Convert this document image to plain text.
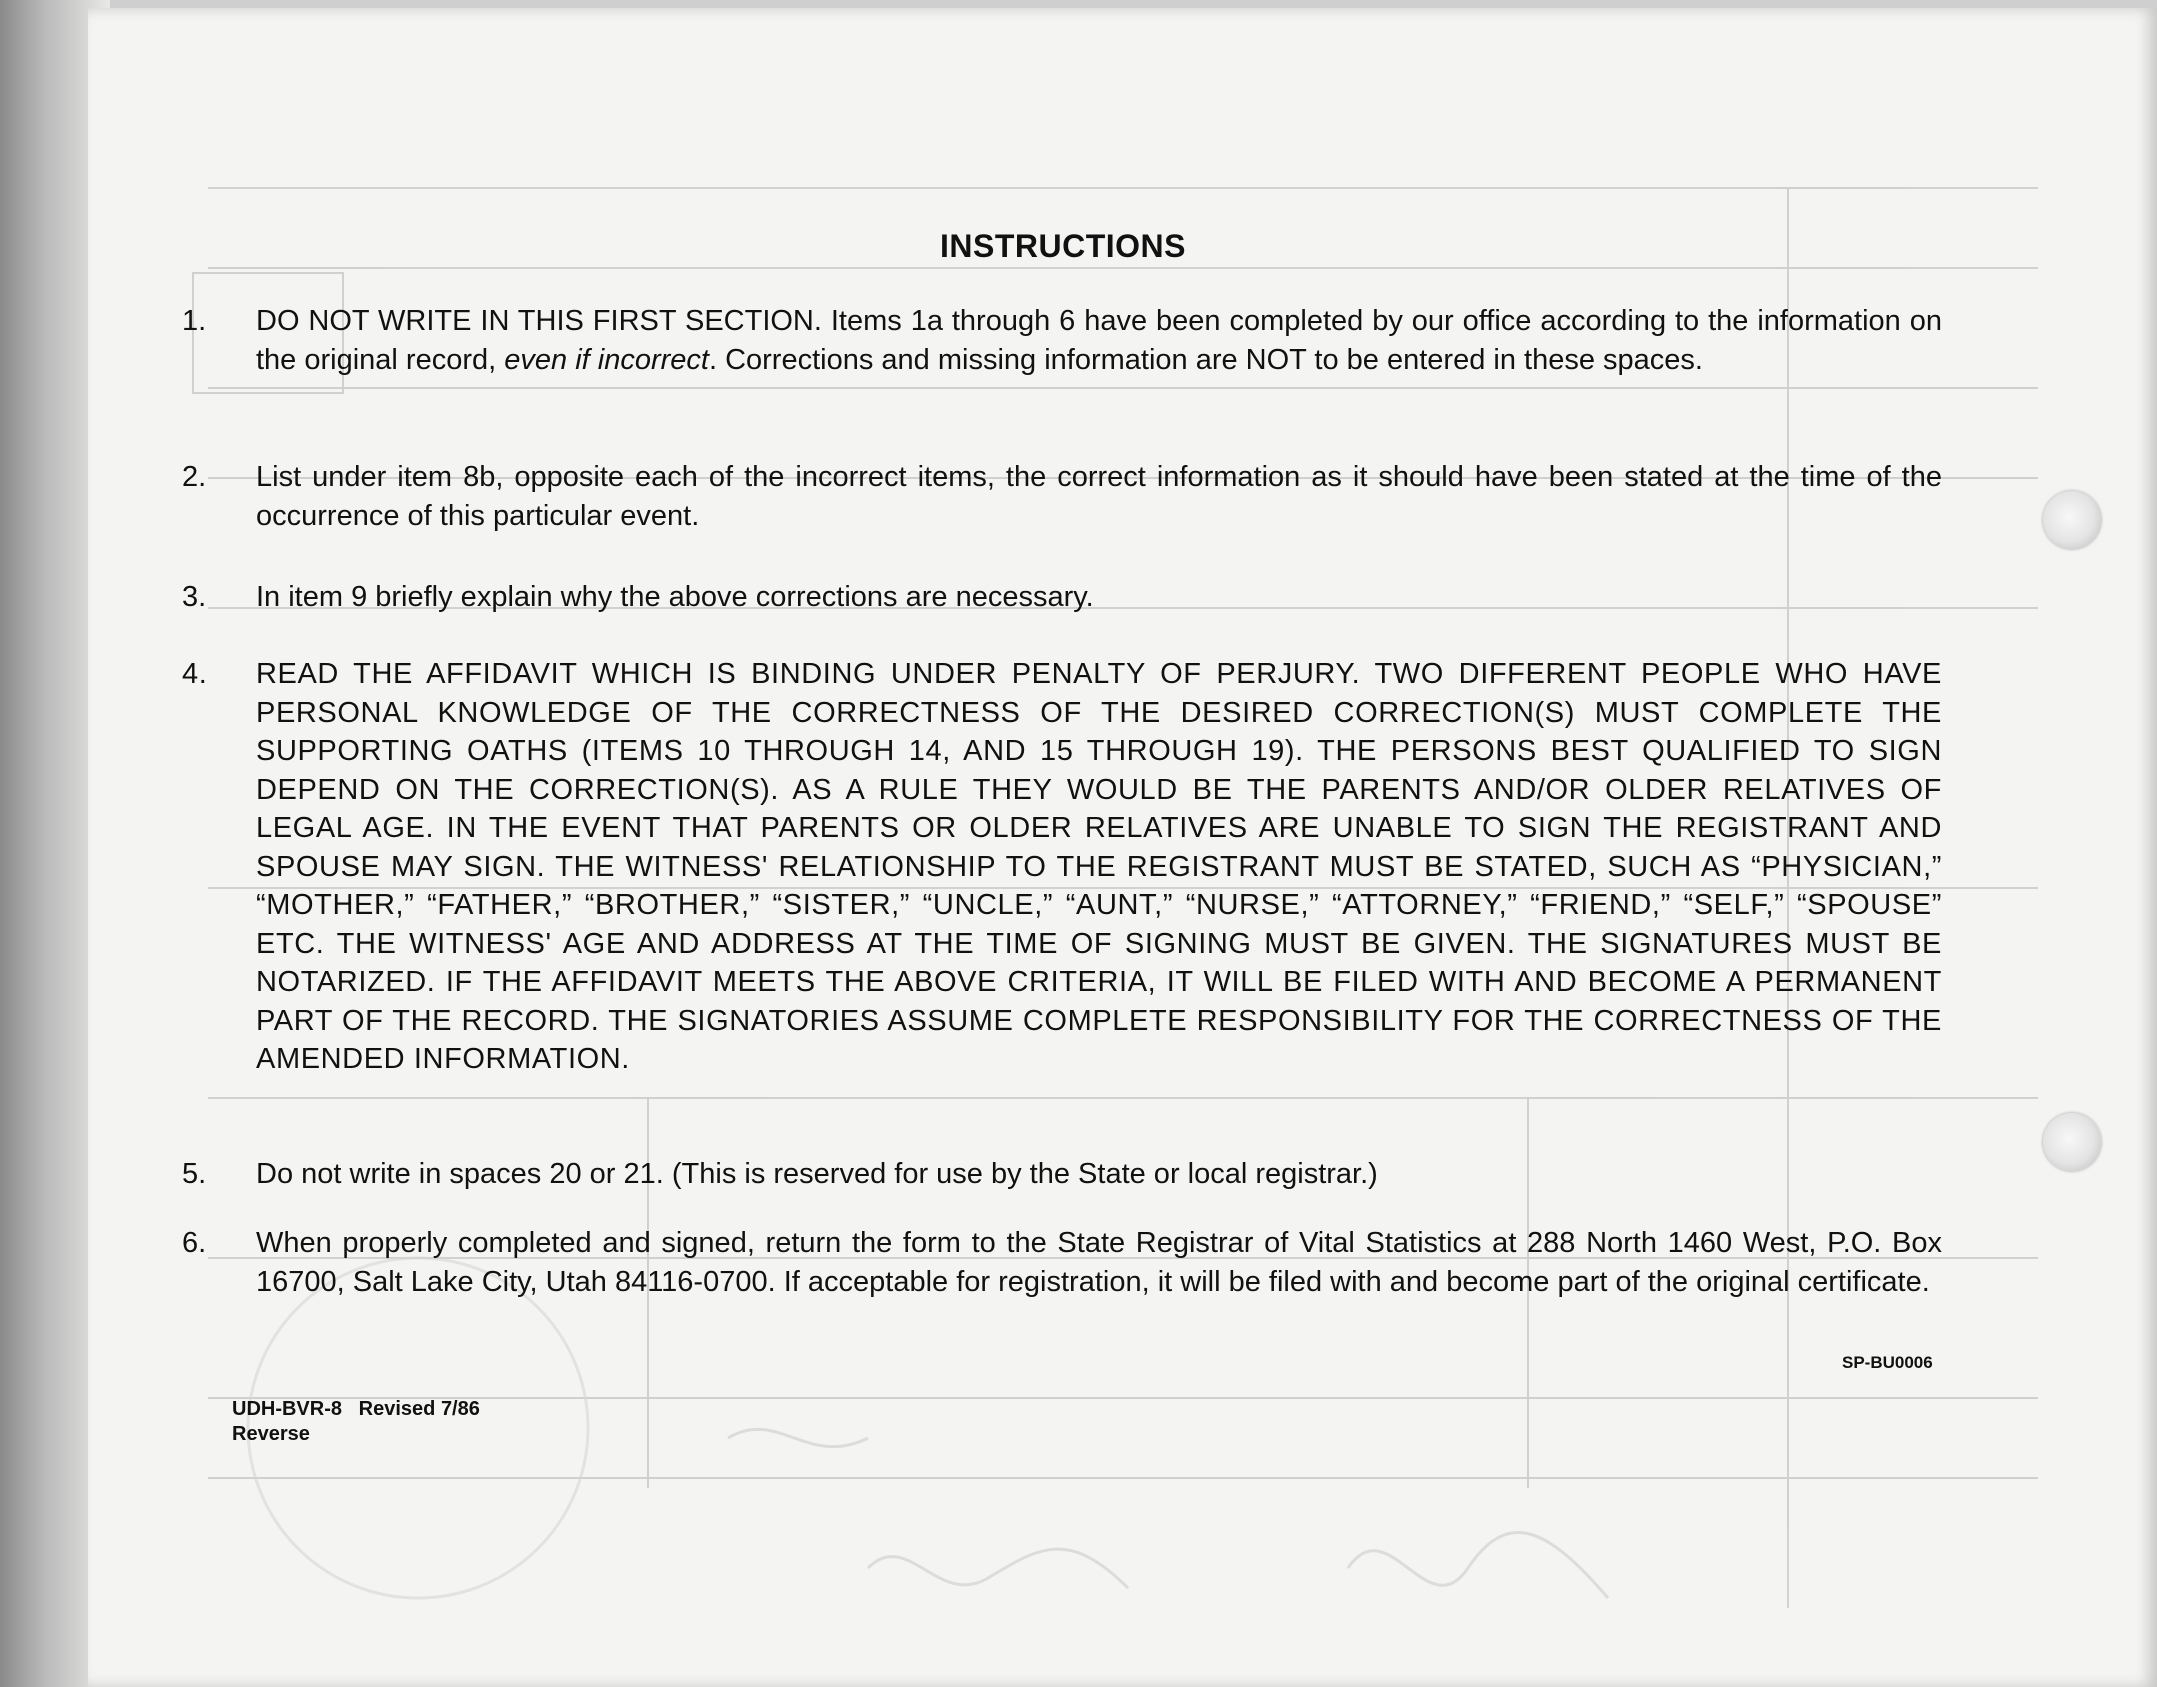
INSTRUCTIONS
1.	DO NOT WRITE IN THIS FIRST SECTION. Items 1a through 6 have been completed by our office according to the information on the original record, even if incorrect. Corrections and missing information are NOT to be entered in these spaces.
2.	List under item 8b, opposite each of the incorrect items, the correct information as it should have been stated at the time of the occurrence of this particular event.
3.	In item 9 briefly explain why the above corrections are necessary.
4.	READ THE AFFIDAVIT WHICH IS BINDING UNDER PENALTY OF PERJURY. TWO DIFFERENT PEOPLE WHO HAVE PERSONAL KNOWLEDGE OF THE CORRECTNESS OF THE DESIRED CORRECTION(S) MUST COMPLETE THE SUPPORTING OATHS (ITEMS 10 THROUGH 14, AND 15 THROUGH 19). THE PERSONS BEST QUALIFIED TO SIGN DEPEND ON THE CORRECTION(S). AS A RULE THEY WOULD BE THE PARENTS AND/OR OLDER RELATIVES OF LEGAL AGE. IN THE EVENT THAT PARENTS OR OLDER RELATIVES ARE UNABLE TO SIGN THE REGISTRANT AND SPOUSE MAY SIGN. THE WITNESS' RELATIONSHIP TO THE REGISTRANT MUST BE STATED, SUCH AS “PHYSICIAN,” “MOTHER,” “FATHER,” “BROTHER,” “SISTER,” “UNCLE,” “AUNT,” “NURSE,” “ATTORNEY,” “FRIEND,” “SELF,” “SPOUSE” ETC. THE WITNESS' AGE AND ADDRESS AT THE TIME OF SIGNING MUST BE GIVEN. THE SIGNATURES MUST BE NOTARIZED. IF THE AFFIDAVIT MEETS THE ABOVE CRITERIA, IT WILL BE FILED WITH AND BECOME A PERMANENT PART OF THE RECORD. THE SIGNATORIES ASSUME COMPLETE RESPONSIBILITY FOR THE CORRECTNESS OF THE AMENDED INFORMATION.
5.	Do not write in spaces 20 or 21. (This is reserved for use by the State or local registrar.)
6.	When properly completed and signed, return the form to the State Registrar of Vital Statistics at 288 North 1460 West, P.O. Box 16700, Salt Lake City, Utah 84116-0700. If acceptable for registration, it will be filed with and become part of the original certificate.
UDH-BVR-8 Revised 7/86
Reverse
SP-BU0006
